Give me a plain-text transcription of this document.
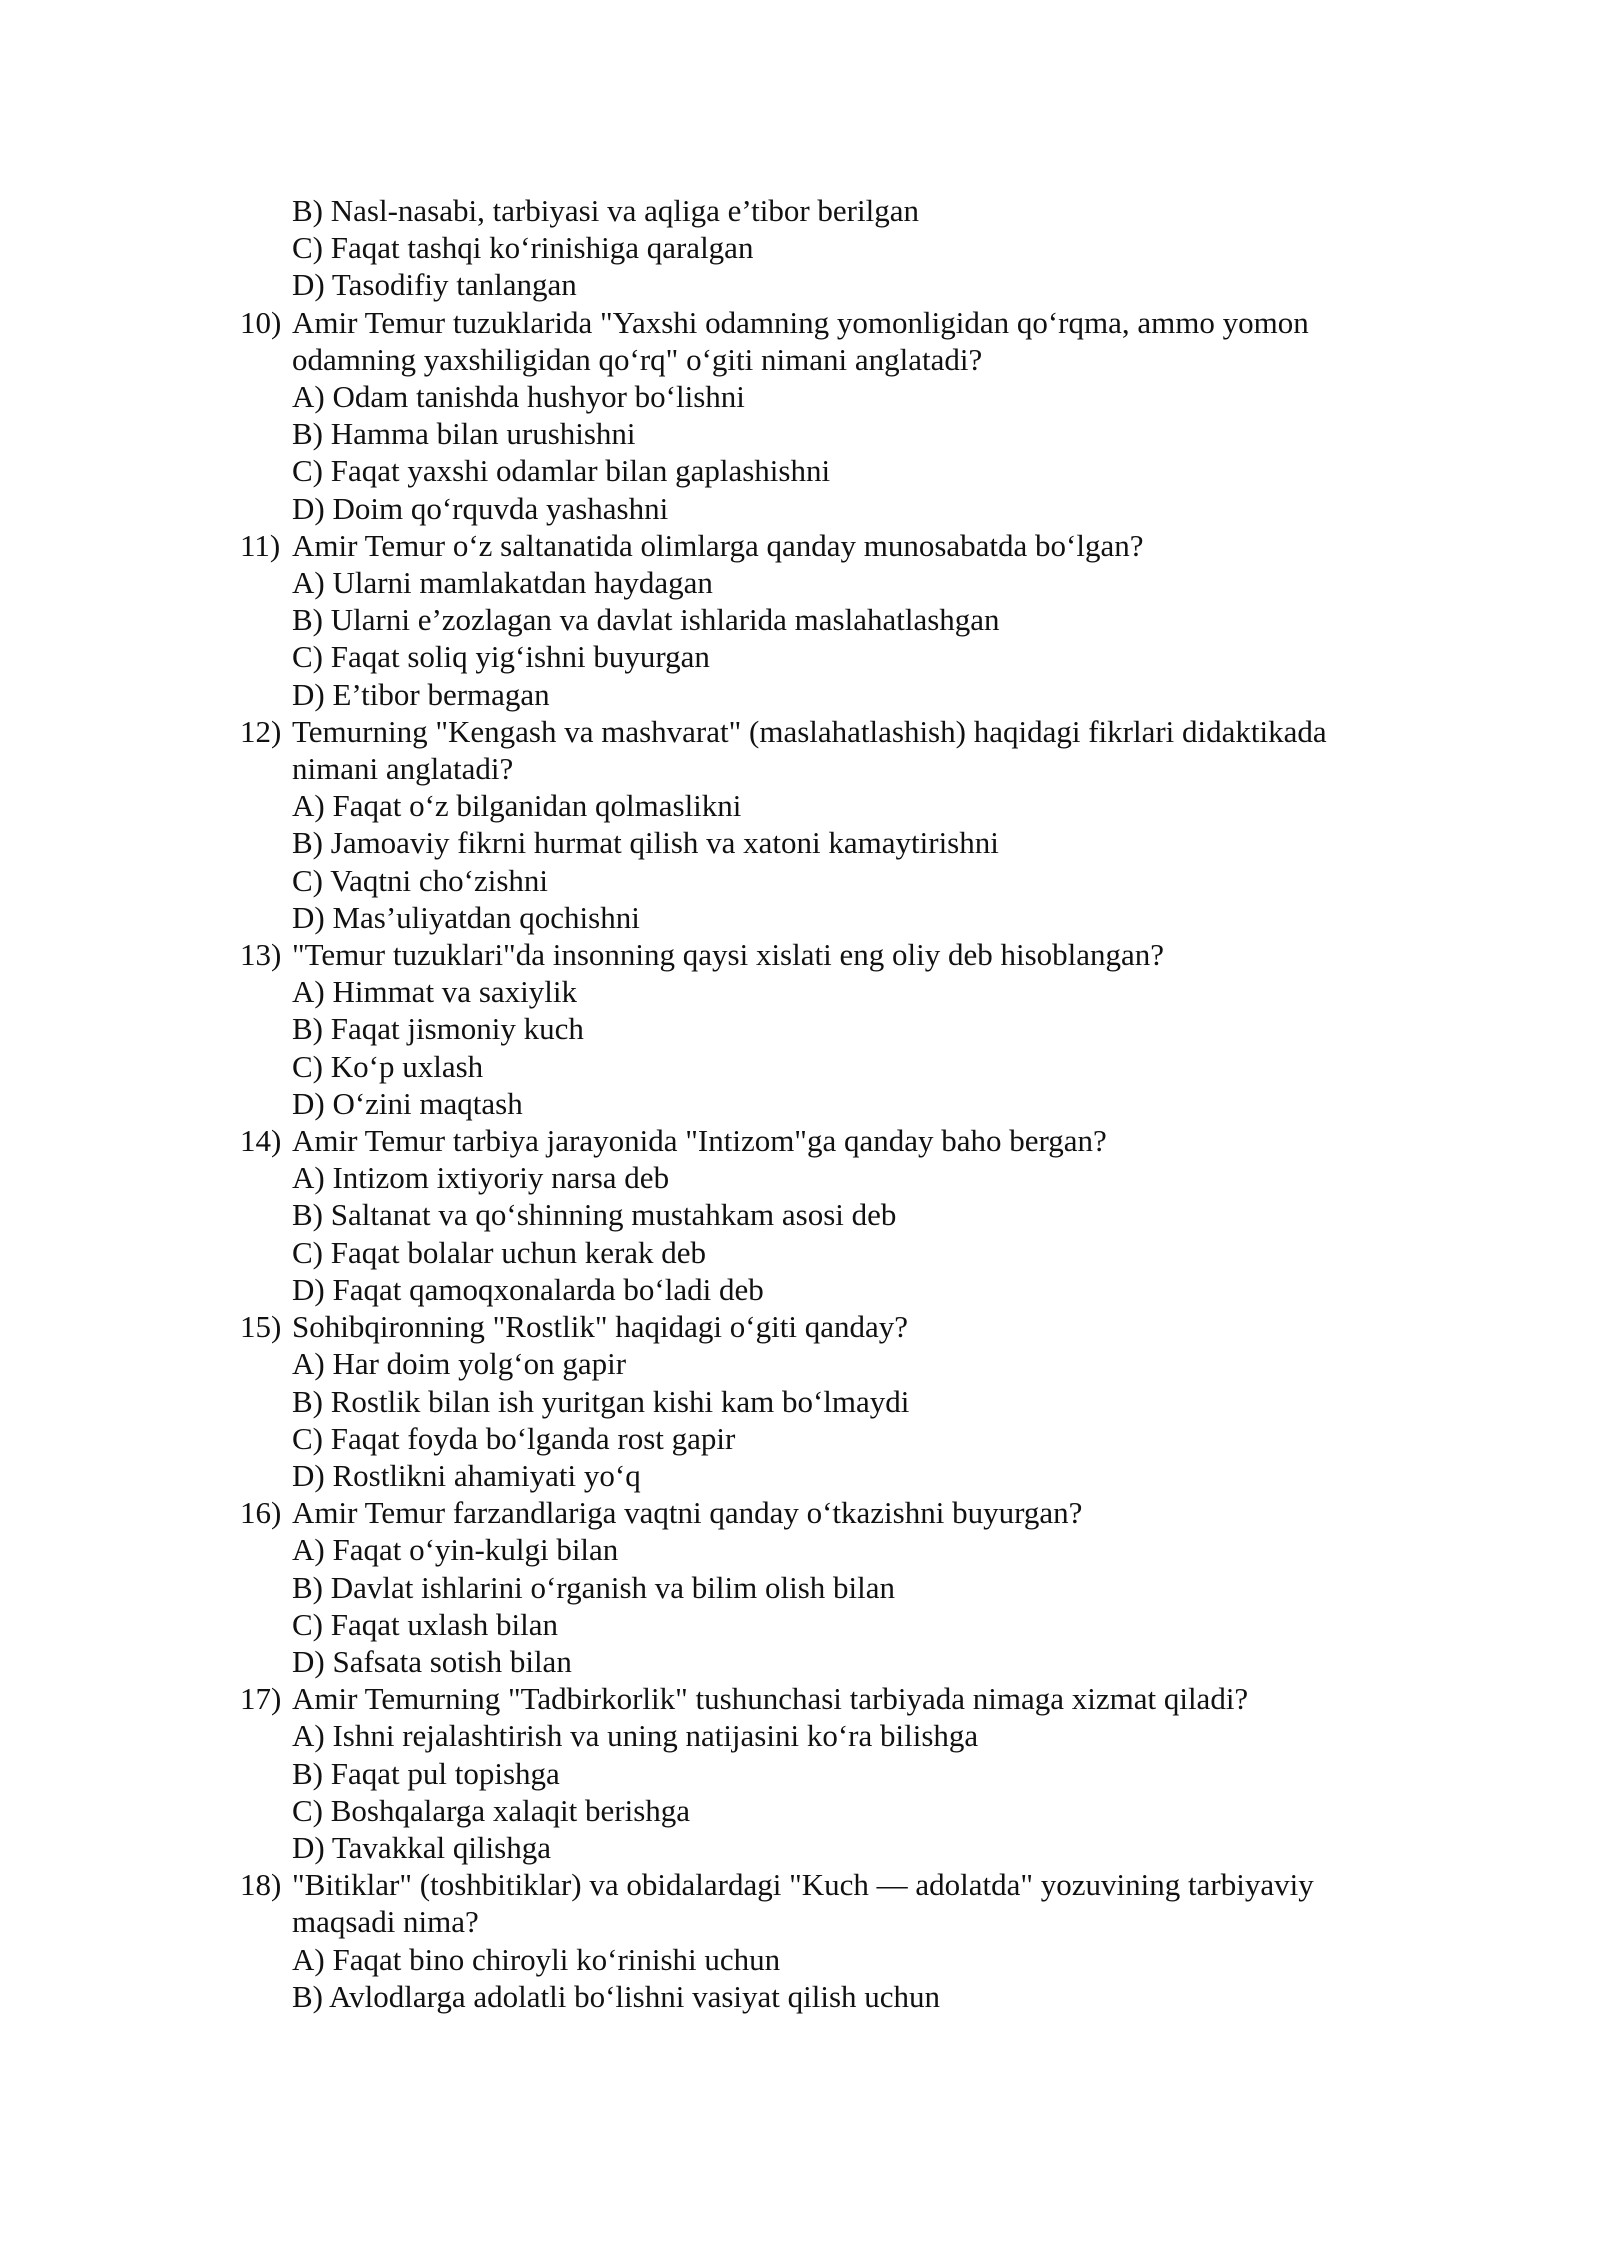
B) Nasl-nasabi, tarbiyasi va aqliga e’tibor berilgan
C) Faqat tashqi koʻrinishiga qaralgan
D) Tasodifiy tanlangan
10) Amir Temur tuzuklarida "Yaxshi odamning yomonligidan qoʻrqma, ammo yomon odamning yaxshiligidan qoʻrq" oʻgiti nimani anglatadi?
A) Odam tanishda hushyor boʻlishni
B) Hamma bilan urushishni
C) Faqat yaxshi odamlar bilan gaplashishni
D) Doim qoʻrquvda yashashni
11) Amir Temur oʻz saltanatida olimlarga qanday munosabatda boʻlgan?
A) Ularni mamlakatdan haydagan
B) Ularni e’zozlagan va davlat ishlarida maslahatlashgan
C) Faqat soliq yigʻishni buyurgan
D) E’tibor bermagan
12) Temurning "Kengash va mashvarat" (maslahatlashish) haqidagi fikrlari didaktikada nimani anglatadi?
A) Faqat oʻz bilganidan qolmaslikni
B) Jamoaviy fikrni hurmat qilish va xatoni kamaytirishni
C) Vaqtni choʻzishni
D) Mas’uliyatdan qochishni
13) "Temur tuzuklari"da insonning qaysi xislati eng oliy deb hisoblangan?
A) Himmat va saxiylik
B) Faqat jismoniy kuch
C) Koʻp uxlash
D) Oʻzini maqtash
14) Amir Temur tarbiya jarayonida "Intizom"ga qanday baho bergan?
A) Intizom ixtiyoriy narsa deb
B) Saltanat va qoʻshinning mustahkam asosi deb
C) Faqat bolalar uchun kerak deb
D) Faqat qamoqxonalarda boʻladi deb
15) Sohibqironning "Rostlik" haqidagi oʻgiti qanday?
A) Har doim yolgʻon gapir
B) Rostlik bilan ish yuritgan kishi kam boʻlmaydi
C) Faqat foyda boʻlganda rost gapir
D) Rostlikni ahamiyati yoʻq
16) Amir Temur farzandlariga vaqtni qanday oʻtkazishni buyurgan?
A) Faqat oʻyin-kulgi bilan
B) Davlat ishlarini oʻrganish va bilim olish bilan
C) Faqat uxlash bilan
D) Safsata sotish bilan
17) Amir Temurning "Tadbirkorlik" tushunchasi tarbiyada nimaga xizmat qiladi?
A) Ishni rejalashtirish va uning natijasini koʻra bilishga
B) Faqat pul topishga
C) Boshqalarga xalaqit berishga
D) Tavakkal qilishga
18) "Bitiklar" (toshbitiklar) va obidalardagi "Kuch — adolatda" yozuvining tarbiyaviy maqsadi nima?
A) Faqat bino chiroyli koʻrinishi uchun
B) Avlodlarga adolatli boʻlishni vasiyat qilish uchun
